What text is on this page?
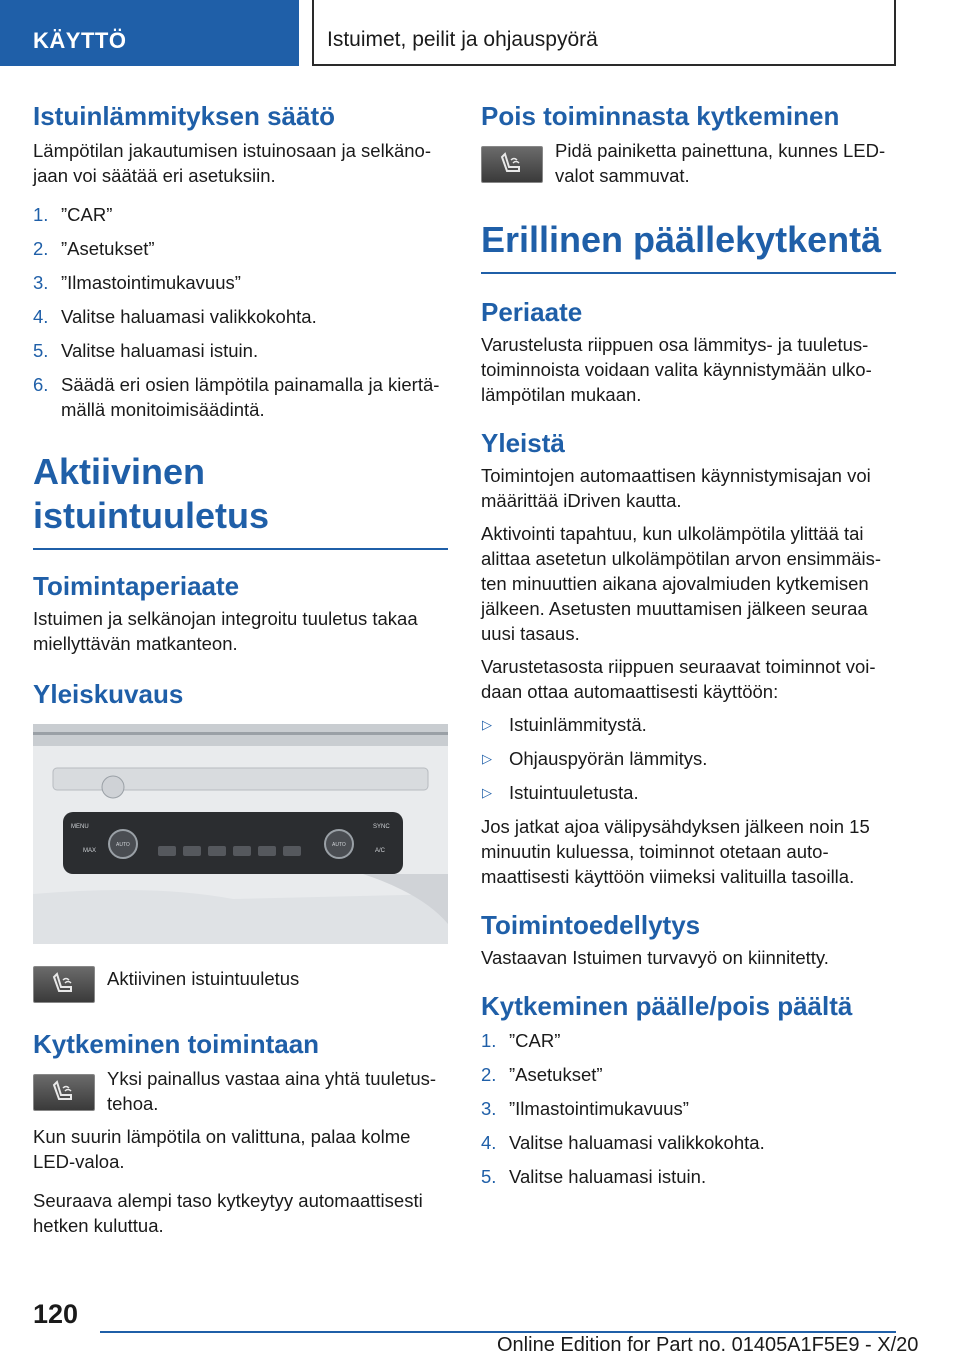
KÄYTTÖ	Istuimet, peilit ja ohjauspyörä
Istuinlämmityksen säätö
Lämpötilan jakautumisen istuinosaan ja selkänojaan voi säätää eri asetuksiin.
1. ”CAR”
2. ”Asetukset”
3. ”Ilmastointimukavuus”
4. Valitse haluamasi valikkokohta.
5. Valitse haluamasi istuin.
6. Säädä eri osien lämpötila painamalla ja kiertämällä monitoimisäädintä.
Aktiivinen istuintuuletus
Toimintaperiaate
Istuimen ja selkänojan integroitu tuuletus takaa miellyttävän matkanteon.
Yleiskuvaus
MENU
MAX
AUTO	AUTO
SYNC
A/C
Aktiivinen istuintuuletus
Kytkeminen toimintaan
Yksi painallus vastaa aina yhtä tuuletustehoa.
Kun suurin lämpötila on valittuna, palaa kolme LED-valoa.
Seuraava alempi taso kytkeytyy automaattisesti hetken kuluttua.
Pois toiminnasta kytkeminen
Pidä painiketta painettuna, kunnes LED-valot sammuvat.
Erillinen päällekytkentä
Periaate
Varustelusta riippuen osa lämmitys- ja tuuletustoiminnoista voidaan valita käynnistymään ulkolämpötilan mukaan.
Yleistä
Toimintojen automaattisen käynnistymisajan voi määrittää iDriven kautta.
Aktivointi tapahtuu, kun ulkolämpötila ylittää tai alittaa asetetun ulkolämpötilan arvon ensimmäisten minuuttien aikana ajovalmiuden kytkemisen jälkeen. Asetusten muuttamisen jälkeen seuraa uusi tasaus.
Varustetasosta riippuen seuraavat toiminnot voidaan ottaa automaattisesti käyttöön:
▷ Istuinlämmitystä.
▷ Ohjauspyörän lämmitys.
▷ Istuintuuletusta.
Jos jatkat ajoa välipysähdyksen jälkeen noin 15 minuutin kuluessa, toiminnot otetaan automaattisesti käyttöön viimeksi valituilla tasoilla.
Toimintoedellytys
Vastaavan Istuimen turvavyö on kiinnitetty.
Kytkeminen päälle/pois päältä
1. ”CAR”
2. ”Asetukset”
3. ”Ilmastointimukavuus”
4. Valitse haluamasi valikkokohta.
5. Valitse haluamasi istuin.
120
Online Edition for Part no. 01405A1F5E9 - X/20
